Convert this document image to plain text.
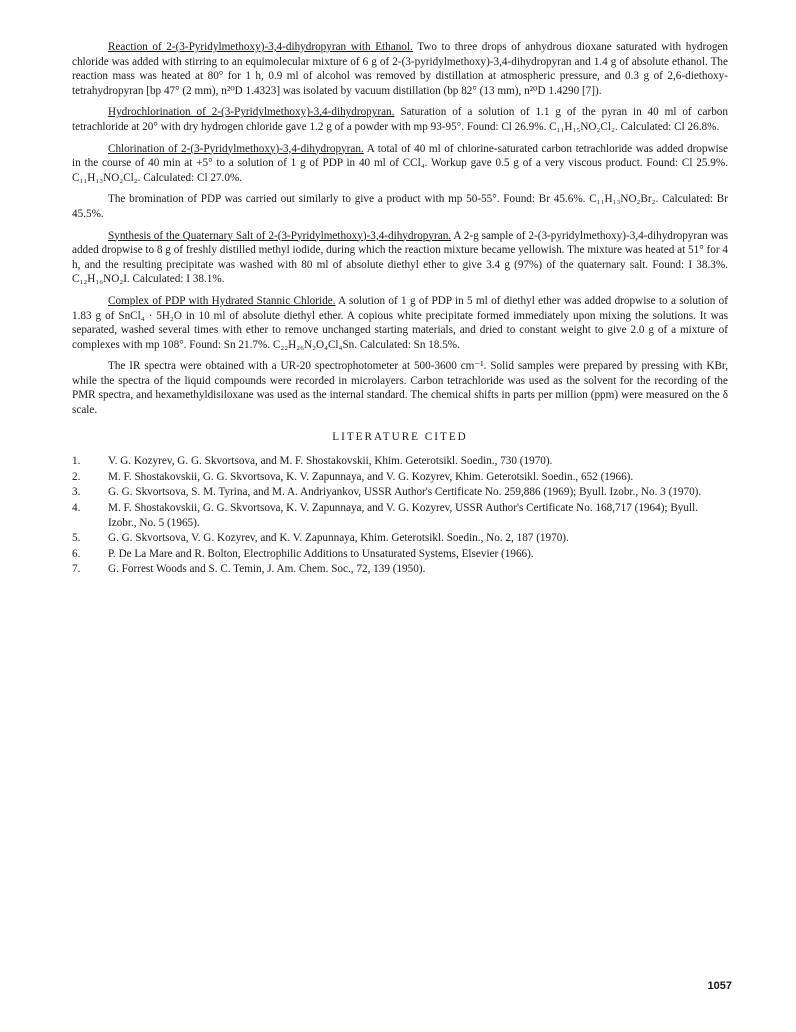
Reaction of 2-(3-Pyridylmethoxy)-3,4-dihydropyran with Ethanol. Two to three drops of anhydrous dioxane saturated with hydrogen chloride was added with stirring to an equimolecular mixture of 6 g of 2-(3-pyridylmethoxy)-3,4-dihydropyran and 1.4 g of absolute ethanol. The reaction mass was heated at 80° for 1 h, 0.9 ml of alcohol was removed by distillation at atmospheric pressure, and 0.3 g of 2,6-diethoxy-tetrahydropyran [bp 47° (2 mm), n²⁰D 1.4323] was isolated by vacuum distillation (bp 82° (13 mm), n²⁰D 1.4290 [7]).

Hydrochlorination of 2-(3-Pyridylmethoxy)-3,4-dihydropyran. Saturation of a solution of 1.1 g of the pyran in 40 ml of carbon tetrachloride at 20° with dry hydrogen chloride gave 1.2 g of a powder with mp 93-95°. Found: Cl 26.9%. C₁₁H₁₅NO₂Cl₂. Calculated: Cl 26.8%.

Chlorination of 2-(3-Pyridylmethoxy)-3,4-dihydropyran. A total of 40 ml of chlorine-saturated carbon tetrachloride was added dropwise in the course of 40 min at +5° to a solution of 1 g of PDP in 40 ml of CCl₄. Workup gave 0.5 g of a very viscous product. Found: Cl 25.9%. C₁₁H₁₃NO₂Cl₂. Calculated: Cl 27.0%.

The bromination of PDP was carried out similarly to give a product with mp 50-55°. Found: Br 45.6%. C₁₁H₁₃NO₂Br₂. Calculated: Br 45.5%.

Synthesis of the Quaternary Salt of 2-(3-Pyridylmethoxy)-3,4-dihydropyran. A 2-g sample of 2-(3-pyridylmethoxy)-3,4-dihydropyran was added dropwise to 8 g of freshly distilled methyl iodide, during which the reaction mixture became yellowish. The mixture was heated at 51° for 4 h, and the resulting precipitate was washed with 80 ml of absolute diethyl ether to give 3.4 g (97%) of the quaternary salt. Found: I 38.3%. C₁₂H₁₆NO₂I. Calculated: I 38.1%.

Complex of PDP with Hydrated Stannic Chloride. A solution of 1 g of PDP in 5 ml of diethyl ether was added dropwise to a solution of 1.83 g of SnCl₄ · 5H₂O in 10 ml of absolute diethyl ether. A copious white precipitate formed immediately upon mixing the solutions. It was separated, washed several times with ether to remove unchanged starting materials, and dried to constant weight to give 2.0 g of a mixture of complexes with mp 108°. Found: Sn 21.7%. C₂₂H₂₆N₂O₄Cl₄Sn. Calculated: Sn 18.5%.

The IR spectra were obtained with a UR-20 spectrophotometer at 500-3600 cm⁻¹. Solid samples were prepared by pressing with KBr, while the spectra of the liquid compounds were recorded in microlayers. Carbon tetrachloride was used as the solvent for the recording of the PMR spectra, and hexamethyldisiloxane was used as the internal standard. The chemical shifts in parts per million (ppm) were measured on the δ scale.

LITERATURE CITED
1.	V. G. Kozyrev, G. G. Skvortsova, and M. F. Shostakovskii, Khim. Geterotsikl. Soedin., 730 (1970).
2.	M. F. Shostakovskii, G. G. Skvortsova, K. V. Zapunnaya, and V. G. Kozyrev, Khim. Geterotsikl. Soedin., 652 (1966).
3.	G. G. Skvortsova, S. M. Tyrina, and M. A. Andriyankov, USSR Author's Certificate No. 259,886 (1969); Byull. Izobr., No. 3 (1970).
4.	M. F. Shostakovskii, G. G. Skvortsova, K. V. Zapunnaya, and V. G. Kozyrev, USSR Author's Certificate No. 168,717 (1964); Byull. Izobr., No. 5 (1965).
5.	G. G. Skvortsova, V. G. Kozyrev, and K. V. Zapunnaya, Khim. Geterotsikl. Soedin., No. 2, 187 (1970).
6.	P. De La Mare and R. Bolton, Electrophilic Additions to Unsaturated Systems, Elsevier (1966).
7.	G. Forrest Woods and S. C. Temin, J. Am. Chem. Soc., 72, 139 (1950).
1057
